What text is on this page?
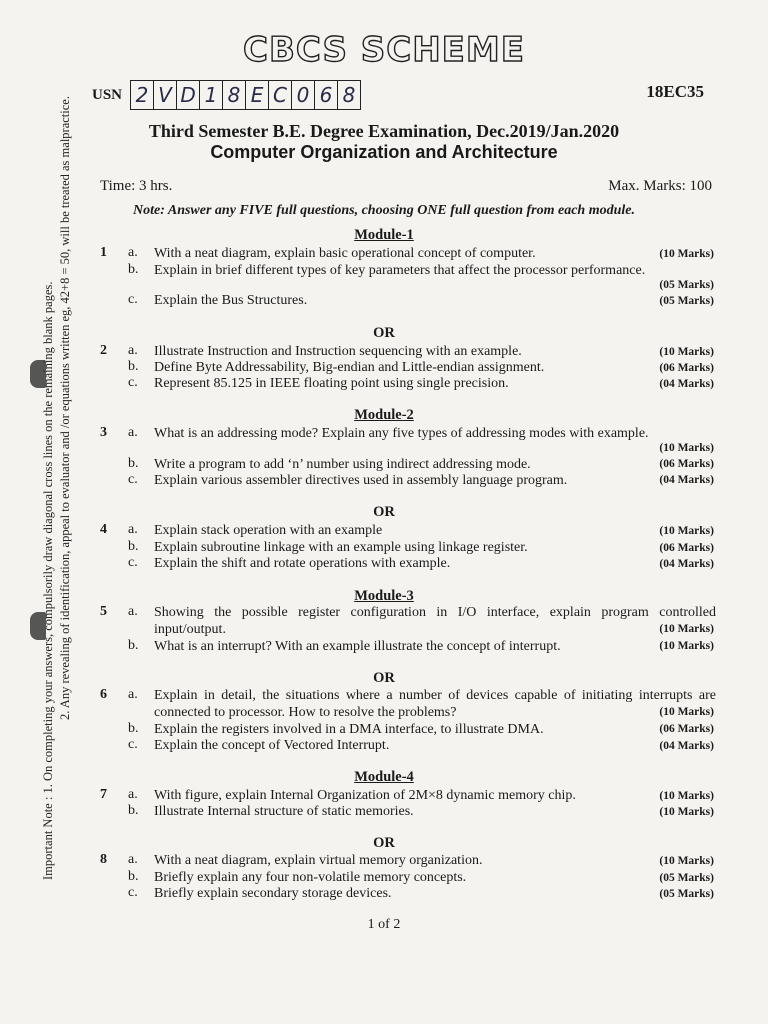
CBCS SCHEME
USN 2 V D 1 8 E C 0 6 8	18EC35
Third Semester B.E. Degree Examination, Dec.2019/Jan.2020
Computer Organization and Architecture
Time: 3 hrs.	Max. Marks: 100
Note: Answer any FIVE full questions, choosing ONE full question from each module.
Important Note : 1. On completing your answers, compulsorily draw diagonal cross lines on the remaining blank pages. 2. Any revealing of identification, appeal to evaluator and /or equations written eg, 42+8 = 50, will be treated as malpractice.	Module-1
1 a. With a neat diagram, explain basic operational concept of computer.	(10 Marks)
b. Explain in brief different types of key parameters that affect the processor performance.
(05 Marks)
c. Explain the Bus Structures.	(05 Marks)
OR
2 a. Illustrate Instruction and Instruction sequencing with an example.	(10 Marks)
b. Define Byte Addressability, Big-endian and Little-endian assignment.	(06 Marks)
c. Represent 85.125 in IEEE floating point using single precision.	(04 Marks)
Module-2
3 a. What is an addressing mode? Explain any five types of addressing modes with example.
(10 Marks)
b. Write a program to add ‘n’ number using indirect addressing mode.	(06 Marks)
c. Explain various assembler directives used in assembly language program.	(04 Marks)
OR
4 a. Explain stack operation with an example	(10 Marks)
b. Explain subroutine linkage with an example using linkage register.	(06 Marks)
c. Explain the shift and rotate operations with example.	(04 Marks)
Module-3
5 a. Showing the possible register configuration in I/O interface, explain program controlled input/output.	(10 Marks)
b. What is an interrupt? With an example illustrate the concept of interrupt.	(10 Marks)
OR
6 a. Explain in detail, the situations where a number of devices capable of initiating interrupts are connected to processor. How to resolve the problems?	(10 Marks)
b. Explain the registers involved in a DMA interface, to illustrate DMA.	(06 Marks)
c. Explain the concept of Vectored Interrupt.	(04 Marks)
Module-4
7 a. With figure, explain Internal Organization of 2M×8 dynamic memory chip.	(10 Marks)
b. Illustrate Internal structure of static memories.	(10 Marks)
OR
8 a. With a neat diagram, explain virtual memory organization.	(10 Marks)
b. Briefly explain any four non-volatile memory concepts.	(05 Marks)
c. Briefly explain secondary storage devices.	(05 Marks)
1 of 2
